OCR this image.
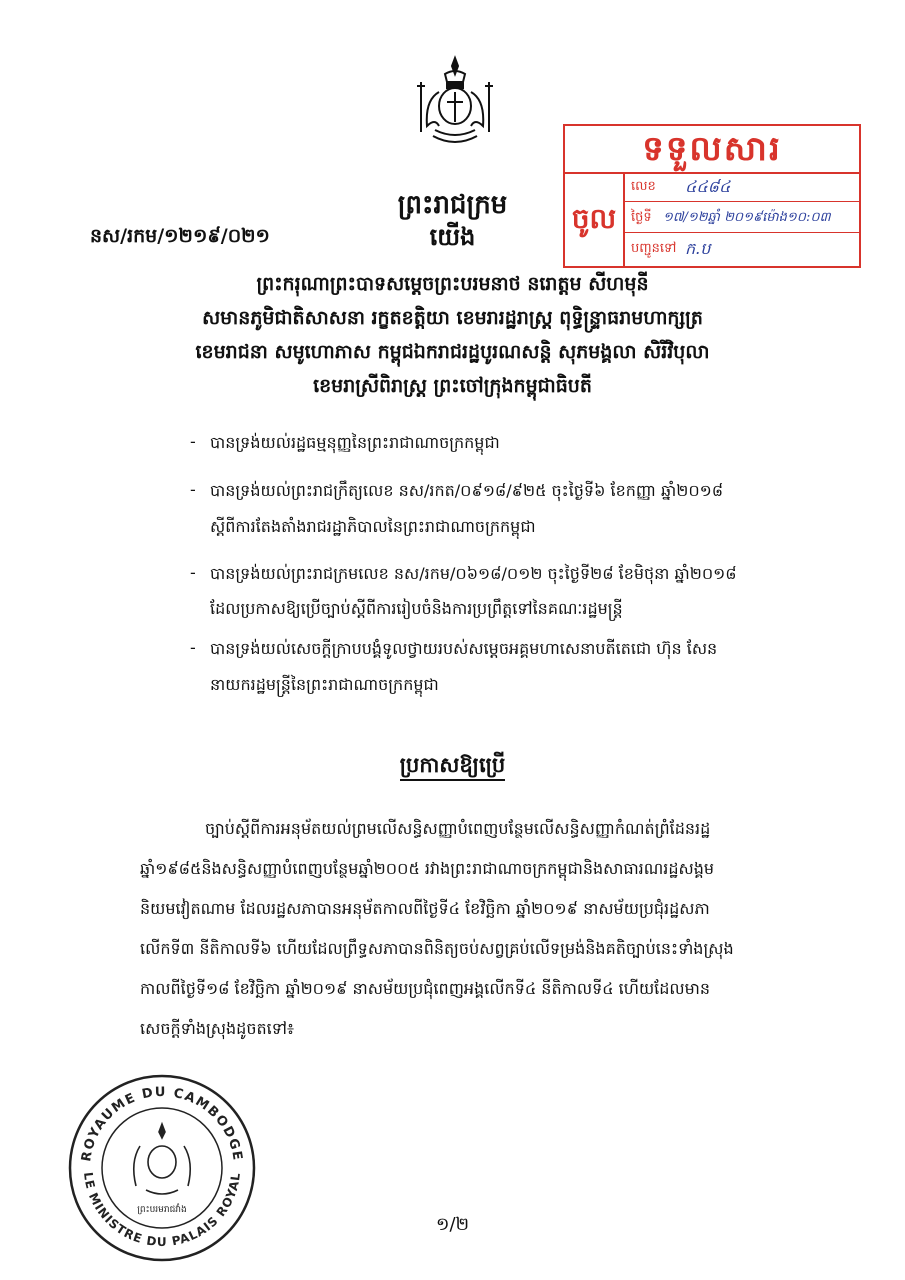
ទទួលសារ
ចូល
លេខ ៤៤៨៤
ថ្ងៃទី ១៧/១២ឆ្នាំ ២០១៩ម៉ោង១០:០៣
បញ្ជូនទៅ ក.ប
ព្រះរាជក្រម
នស/រកម/១២១៩/០២១	យើង
ព្រះករុណាព្រះបាទសម្តេចព្រះបរមនាថ នរោត្តម សីហមុនី
សមានភូមិជាតិសាសនា រក្ខតខត្តិយា ខេមរារដ្ឋរាស្ត្រ ពុទ្ធិន្រ្ទាធរាមហាក្សត្រ
ខេមរាជនា សមូហោភាស កម្ពុជឯករាជរដ្ឋបូរណសន្តិ សុភមង្គលា សិរីវិបុលា
ខេមរាស្រីពិរាស្ត្រ ព្រះចៅក្រុងកម្ពុជាធិបតី
- បានទ្រង់យល់រដ្ឋធម្មនុញ្ញនៃព្រះរាជាណាចក្រកម្ពុជា
- បានទ្រង់យល់ព្រះរាជក្រឹត្យលេខ នស/រកត/០៩១៨/៩២៥ ចុះថ្ងៃទី៦ ខែកញ្ញា ឆ្នាំ២០១៨
ស្តីពីការតែងតាំងរាជរដ្ឋាភិបាលនៃព្រះរាជាណាចក្រកម្ពុជា
- បានទ្រង់យល់ព្រះរាជក្រមលេខ នស/រកម/០៦១៨/០១២ ចុះថ្ងៃទី២៨ ខែមិថុនា ឆ្នាំ២០១៨
ដែលប្រកាសឱ្យប្រើច្បាប់ស្តីពីការរៀបចំនិងការប្រព្រឹត្តទៅនៃគណៈរដ្ឋមន្ត្រី
- បានទ្រង់យល់សេចក្តីក្រាបបង្គំទូលថ្វាយរបស់សម្តេចអគ្គមហាសេនាបតីតេជោ ហ៊ុន សែន
នាយករដ្ឋមន្ត្រីនៃព្រះរាជាណាចក្រកម្ពុជា
ប្រកាសឱ្យប្រើ
ច្បាប់ស្តីពីការអនុម័តយល់ព្រមលើសន្ធិសញ្ញាបំពេញបន្ថែមលើសន្ធិសញ្ញាកំណត់ព្រំដែនរដ្ឋ
ឆ្នាំ១៩៨៥និងសន្ធិសញ្ញាបំពេញបន្ថែមឆ្នាំ២០០៥ រវាងព្រះរាជាណាចក្រកម្ពុជានិងសាធារណរដ្ឋសង្គម
និយមវៀតណាម ដែលរដ្ឋសភាបានអនុម័តកាលពីថ្ងៃទី៤ ខែវិច្ឆិកា ឆ្នាំ២០១៩ នាសម័យប្រជុំរដ្ឋសភា
លើកទី៣ នីតិកាលទី៦ ហើយដែលព្រឹទ្ធសភាបានពិនិត្យចប់សព្វគ្រប់លើទម្រង់និងគតិច្បាប់នេះទាំងស្រុង
កាលពីថ្ងៃទី១៨ ខែវិច្ឆិកា ឆ្នាំ២០១៩ នាសម័យប្រជុំពេញអង្គលើកទី៤ នីតិកាលទី៤ ហើយដែលមាន
សេចក្តីទាំងស្រុងដូចតទៅ៖
ROYAUME DU CAMBODGE
LE MINISTRE DU PALAIS ROYAL
ព្រះបរមរាជវាំង
១/២
